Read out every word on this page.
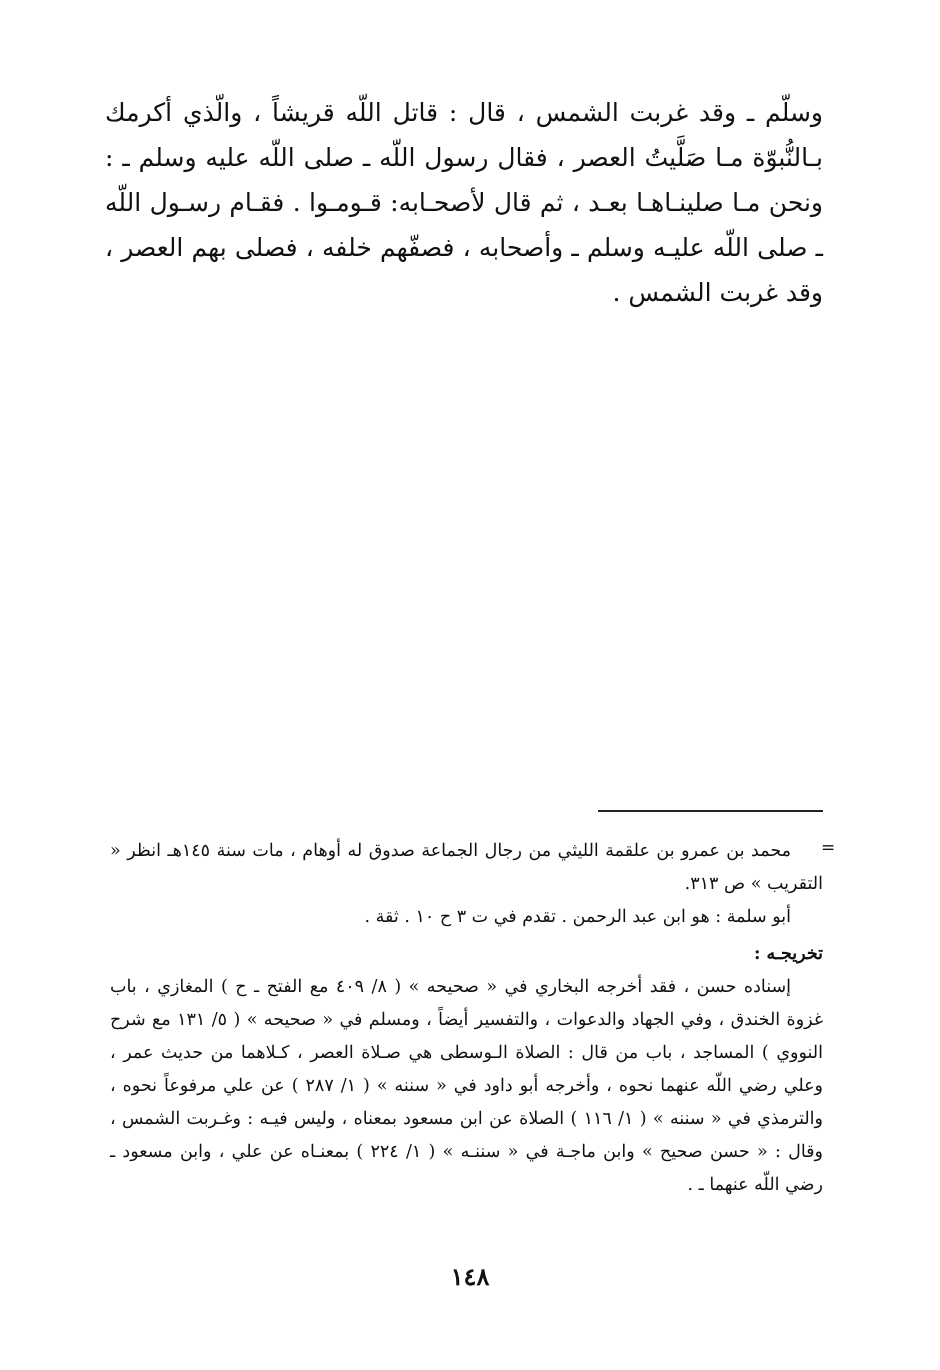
وسلّم ـ وقد غربت الشمس ، قال : قاتل اللّه قريشاً ، والّذي أكرمك بـالنُّبوّة مـا صَلَّيتُ العصر ، فقال رسول اللّه ـ صلى اللّه عليه وسلم ـ : ونحن مـا صلينـاهـا بعـد ، ثم قال لأصحـابه: قـومـوا . فقـام رسـول اللّه ـ صلى اللّه عليـه وسلم ـ وأصحابه ، فصفّهم خلفه ، فصلى بهم العصر ، وقد غربت الشمس .

=

محمد بن عمرو بن علقمة الليثي من رجال الجماعة صدوق له أوهام ، مات سنة ١٤٥هـ انظر « التقريب » ص ٣١٣.

أبو سلمة : هو ابن عبد الرحمن . تقدم في ت ٣ ح ١٠ . ثقة .

تخريجـه :

إسناده حسن ، فقد أخرجه البخاري في « صحيحه » ( ٨/ ٤٠٩ مع الفتح ـ ح ) المغازي ، باب غزوة الخندق ، وفي الجهاد والدعوات ، والتفسير أيضاً ، ومسلم في « صحيحه » ( ٥/ ١٣١ مع شرح النووي ) المساجد ، باب من قال : الصلاة الـوسطى هي صـلاة العصر ، كـلاهما من حديث عمر ، وعلي رضي اللّه عنهما نحوه ، وأخرجه أبو داود في « سننه » ( ١/ ٢٨٧ ) عن علي مرفوعاً نحوه ، والترمذي في « سننه » ( ١/ ١١٦ ) الصلاة عن ابن مسعود بمعناه ، وليس فيـه : وغـربت الشمس ، وقال : « حسن صحيح » وابن ماجـة في « سننـه » ( ١/ ٢٢٤ ) بمعنـاه عن علي ، وابن مسعود ـ رضي اللّه عنهما ـ .

١٤٨
